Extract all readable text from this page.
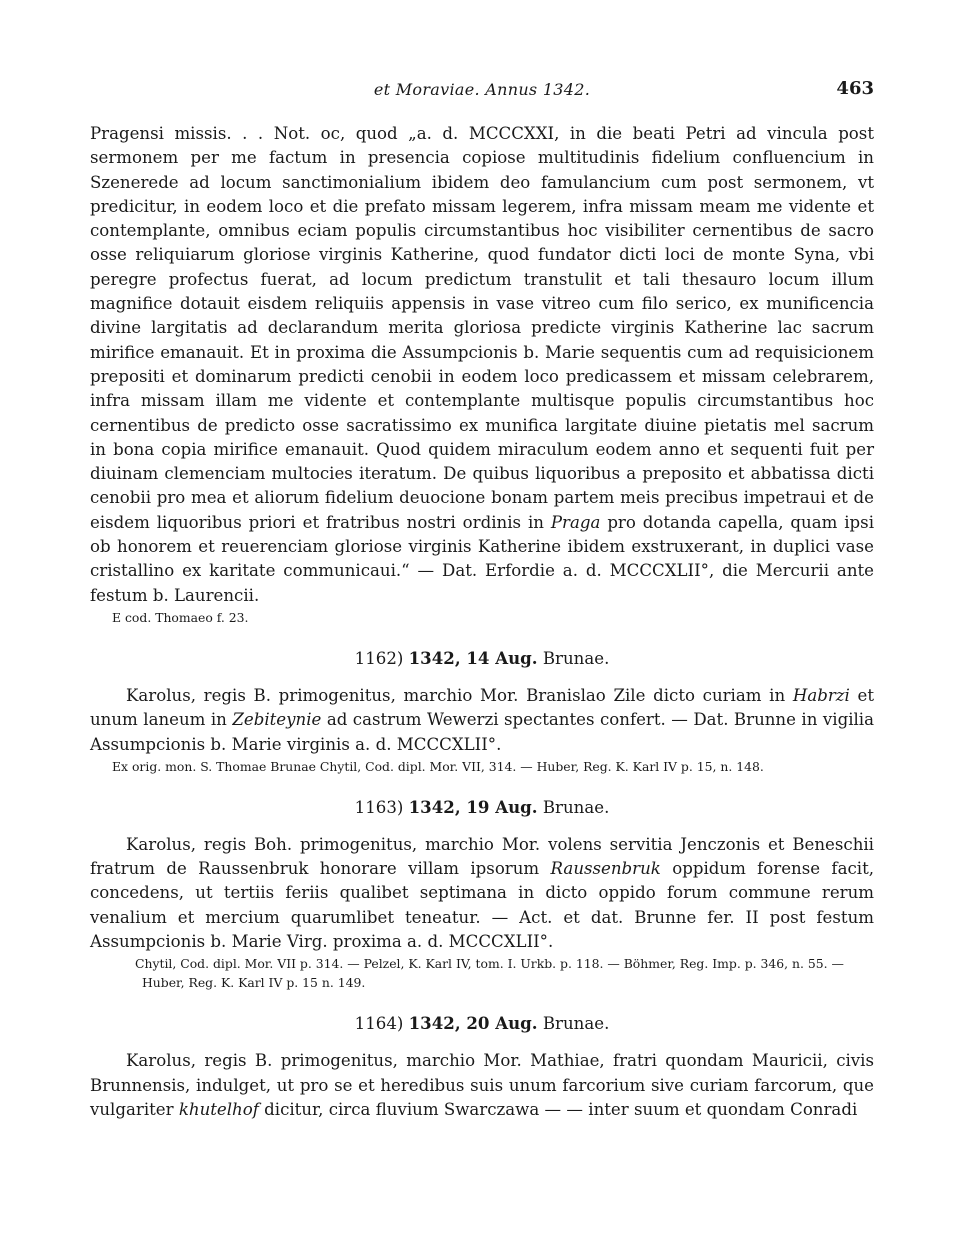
et Moraviae. Annus 1342.	463

Pragensi missis. . . Not. oc, quod „a. d. MCCCXXI, in die beati Petri ad vincula post sermonem per me factum in presencia copiose multitudinis fidelium confluencium in Szenerede ad locum sanctimonialium ibidem deo famulancium cum post sermonem, vt predicitur, in eodem loco et die prefato missam legerem, infra missam meam me vidente et contemplante, omnibus eciam populis circumstantibus hoc visibiliter cernentibus de sacro osse reliquiarum gloriose virginis Katherine, quod fundator dicti loci de monte Syna, vbi peregre profectus fuerat, ad locum predictum transtulit et tali thesauro locum illum magnifice dotauit eisdem reliquiis appensis in vase vitreo cum filo serico, ex munificencia divine largitatis ad declarandum merita gloriosa predicte virginis Katherine lac sacrum mirifice emanauit. Et in proxima die Assumpcionis b. Marie sequentis cum ad requisicionem prepositi et dominarum predicti cenobii in eodem loco predicassem et missam celebrarem, infra missam illam me vidente et contemplante multisque populis circumstantibus hoc cernentibus de predicto osse sacratissimo ex munifica largitate diuine pietatis mel sacrum in bona copia mirifice emanauit. Quod quidem miraculum eodem anno et sequenti fuit per diuinam clemenciam multocies iteratum. De quibus liquoribus a preposito et abbatissa dicti cenobii pro mea et aliorum fidelium deuocione bonam partem meis precibus impetraui et de eisdem liquoribus priori et fratribus nostri ordinis in Praga pro dotanda capella, quam ipsi ob honorem et reuerenciam gloriose virginis Katherine ibidem exstruxerant, in duplici vase cristallino ex karitate communicaui.“ — Dat. Erfordie a. d. MCCCXLII°, die Mercurii ante festum b. Laurencii.

E cod. Thomaeo f. 23.

1162) 1342, 14 Aug. Brunae.

Karolus, regis B. primogenitus, marchio Mor. Branislao Zile dicto curiam in Habrzi et unum laneum in Zebiteynie ad castrum Wewerzi spectantes confert. — Dat. Brunne in vigilia Assumpcionis b. Marie virginis a. d. MCCCXLII°.

Ex orig. mon. S. Thomae Brunae Chytil, Cod. dipl. Mor. VII, 314. — Huber, Reg. K. Karl IV p. 15, n. 148.

1163) 1342, 19 Aug. Brunae.

Karolus, regis Boh. primogenitus, marchio Mor. volens servitia Jenczonis et Beneschii fratrum de Raussenbruk honorare villam ipsorum Raussenbruk oppidum forense facit, concedens, ut tertiis feriis qualibet septimana in dicto oppido forum commune rerum venalium et mercium quarumlibet teneatur. — Act. et dat. Brunne fer. II post festum Assumpcionis b. Marie Virg. proxima a. d. MCCCXLII°.

Chytil, Cod. dipl. Mor. VII p. 314. — Pelzel, K. Karl IV, tom. I. Urkb. p. 118. — Böhmer, Reg. Imp. p. 346, n. 55. — Huber, Reg. K. Karl IV p. 15 n. 149.

1164) 1342, 20 Aug. Brunae.

Karolus, regis B. primogenitus, marchio Mor. Mathiae, fratri quondam Mauricii, civis Brunnensis, indulget, ut pro se et heredibus suis unum farcorium sive curiam farcorum, que vulgariter khutelhof dicitur, circa fluvium Swarczawa — — inter suum et quondam Conradi
